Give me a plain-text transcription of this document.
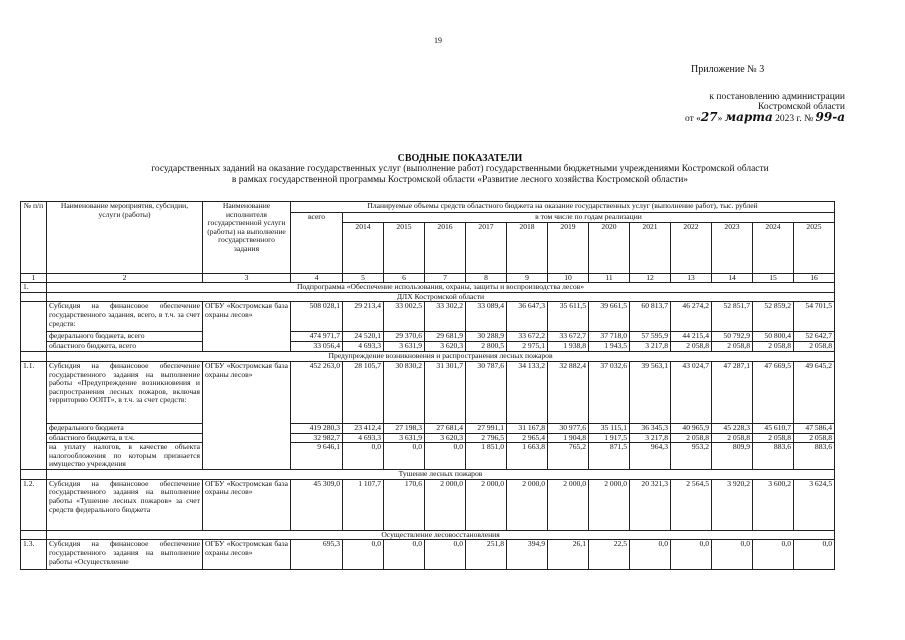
19
Приложение № 3
к постановлению администрации
Костромской области
от «27» марта 2023 г. № 99-а
СВОДНЫЕ ПОКАЗАТЕЛИ
государственных заданий на оказание государственных услуг (выполнение работ) государственными бюджетными учреждениями Костромской области
в рамках государственной программы Костромской области «Развитие лесного хозяйства Костромской области»
№ п/п	Наименование мероприятия, субсидии, услуги (работы)	Наименование исполнителя государственной услуги (работы) на выполнение государственного задания	Планируемые объемы средств областного бюджета на оказание государственных услуг (выполнение работ), тыс. рублей												
			всего	в том числе по годам реализации											
				2014	2015	2016	2017	2018	2019	2020	2021	2022	2023	2024	2025
1	2	3	4	5	6	7	8	9	10	11	12	13	14	15	16
1.	Подпрограмма «Обеспечение использования, охраны, защиты и воспроизводства лесов»														
	ДЛХ Костромской области														
	Субсидия на финансовое обеспечение государственного задания, всего, в т.ч. за счет средств:	ОГБУ «Костромская база охраны лесов»	508 028,1	29 213,4	33 002,5	33 302,2	33 089,4	36 647,3	35 611,5	39 661,5	60 813,7	46 274,2	52 851,7	52 859,2	54 701,5
	федерального бюджета, всего		474 971,7	24 520,1	29 370,6	29 681,9	30 288,9	33 672,2	33 672,7	37 718,0	57 595,9	44 215,4	50 792,9	50 800,4	52 642,7
	областного бюджета, всего		33 056,4	4 693,3	3 631,9	3 620,3	2 800,5	2 975,1	1 938,8	1 943,5	3 217,8	2 058,8	2 058,8	2 058,8	2 058,8
	Предупреждение возникновения и распространения лесных пожаров														
1.1.	Субсидия на финансовое обеспечение государственного задания на выполнение работы «Предупреждение возникновения и распространения лесных пожаров, включая территорию ООПТ», в т.ч. за счет средств:	ОГБУ «Костромская база охраны лесов»	452 263,0	28 105,7	30 830,2	31 301,7	30 787,6	34 133,2	32 882,4	37 032,6	39 563,1	43 024,7	47 287,1	47 669,5	49 645,2
	федерального бюджета		419 280,3	23 412,4	27 198,3	27 681,4	27 991,1	31 167,8	30 977,6	35 115,1	36 345,3	40 965,9	45 228,3	45 610,7	47 586,4
	областного бюджета, в т.ч.		32 982,7	4 693,3	3 631,9	3 620,3	2 796,5	2 965,4	1 904,8	1 917,5	3 217,8	2 058,8	2 058,8	2 058,8	2 058,8
	на уплату налогов, в качестве объекта налогообложения по которым признается имущество учреждения		9 646,1	0,0	0,0	0,0	1 851,0	1 663,8	765,2	871,5	964,3	953,2	809,9	883,6	883,6
	Тушение лесных пожаров														
1.2.	Субсидия на финансовое обеспечение государственного задания на выполнение работы «Тушение лесных пожаров» за счет средств федерального бюджета	ОГБУ «Костромская база охраны лесов»	45 309,0	1 107,7	170,6	2 000,0	2 000,0	2 000,0	2 000,0	2 000,0	20 321,3	2 564,5	3 920,2	3 600,2	3 624,5
	Осуществление лесовосстановления														
1.3.	Субсидия на финансовое обеспечение государственного задания на выполнение работы «Осуществление	ОГБУ «Костромская база охраны лесов»	695,3	0,0	0,0	0,0	251,8	394,9	26,1	22,5	0,0	0,0	0,0	0,0	0,0
